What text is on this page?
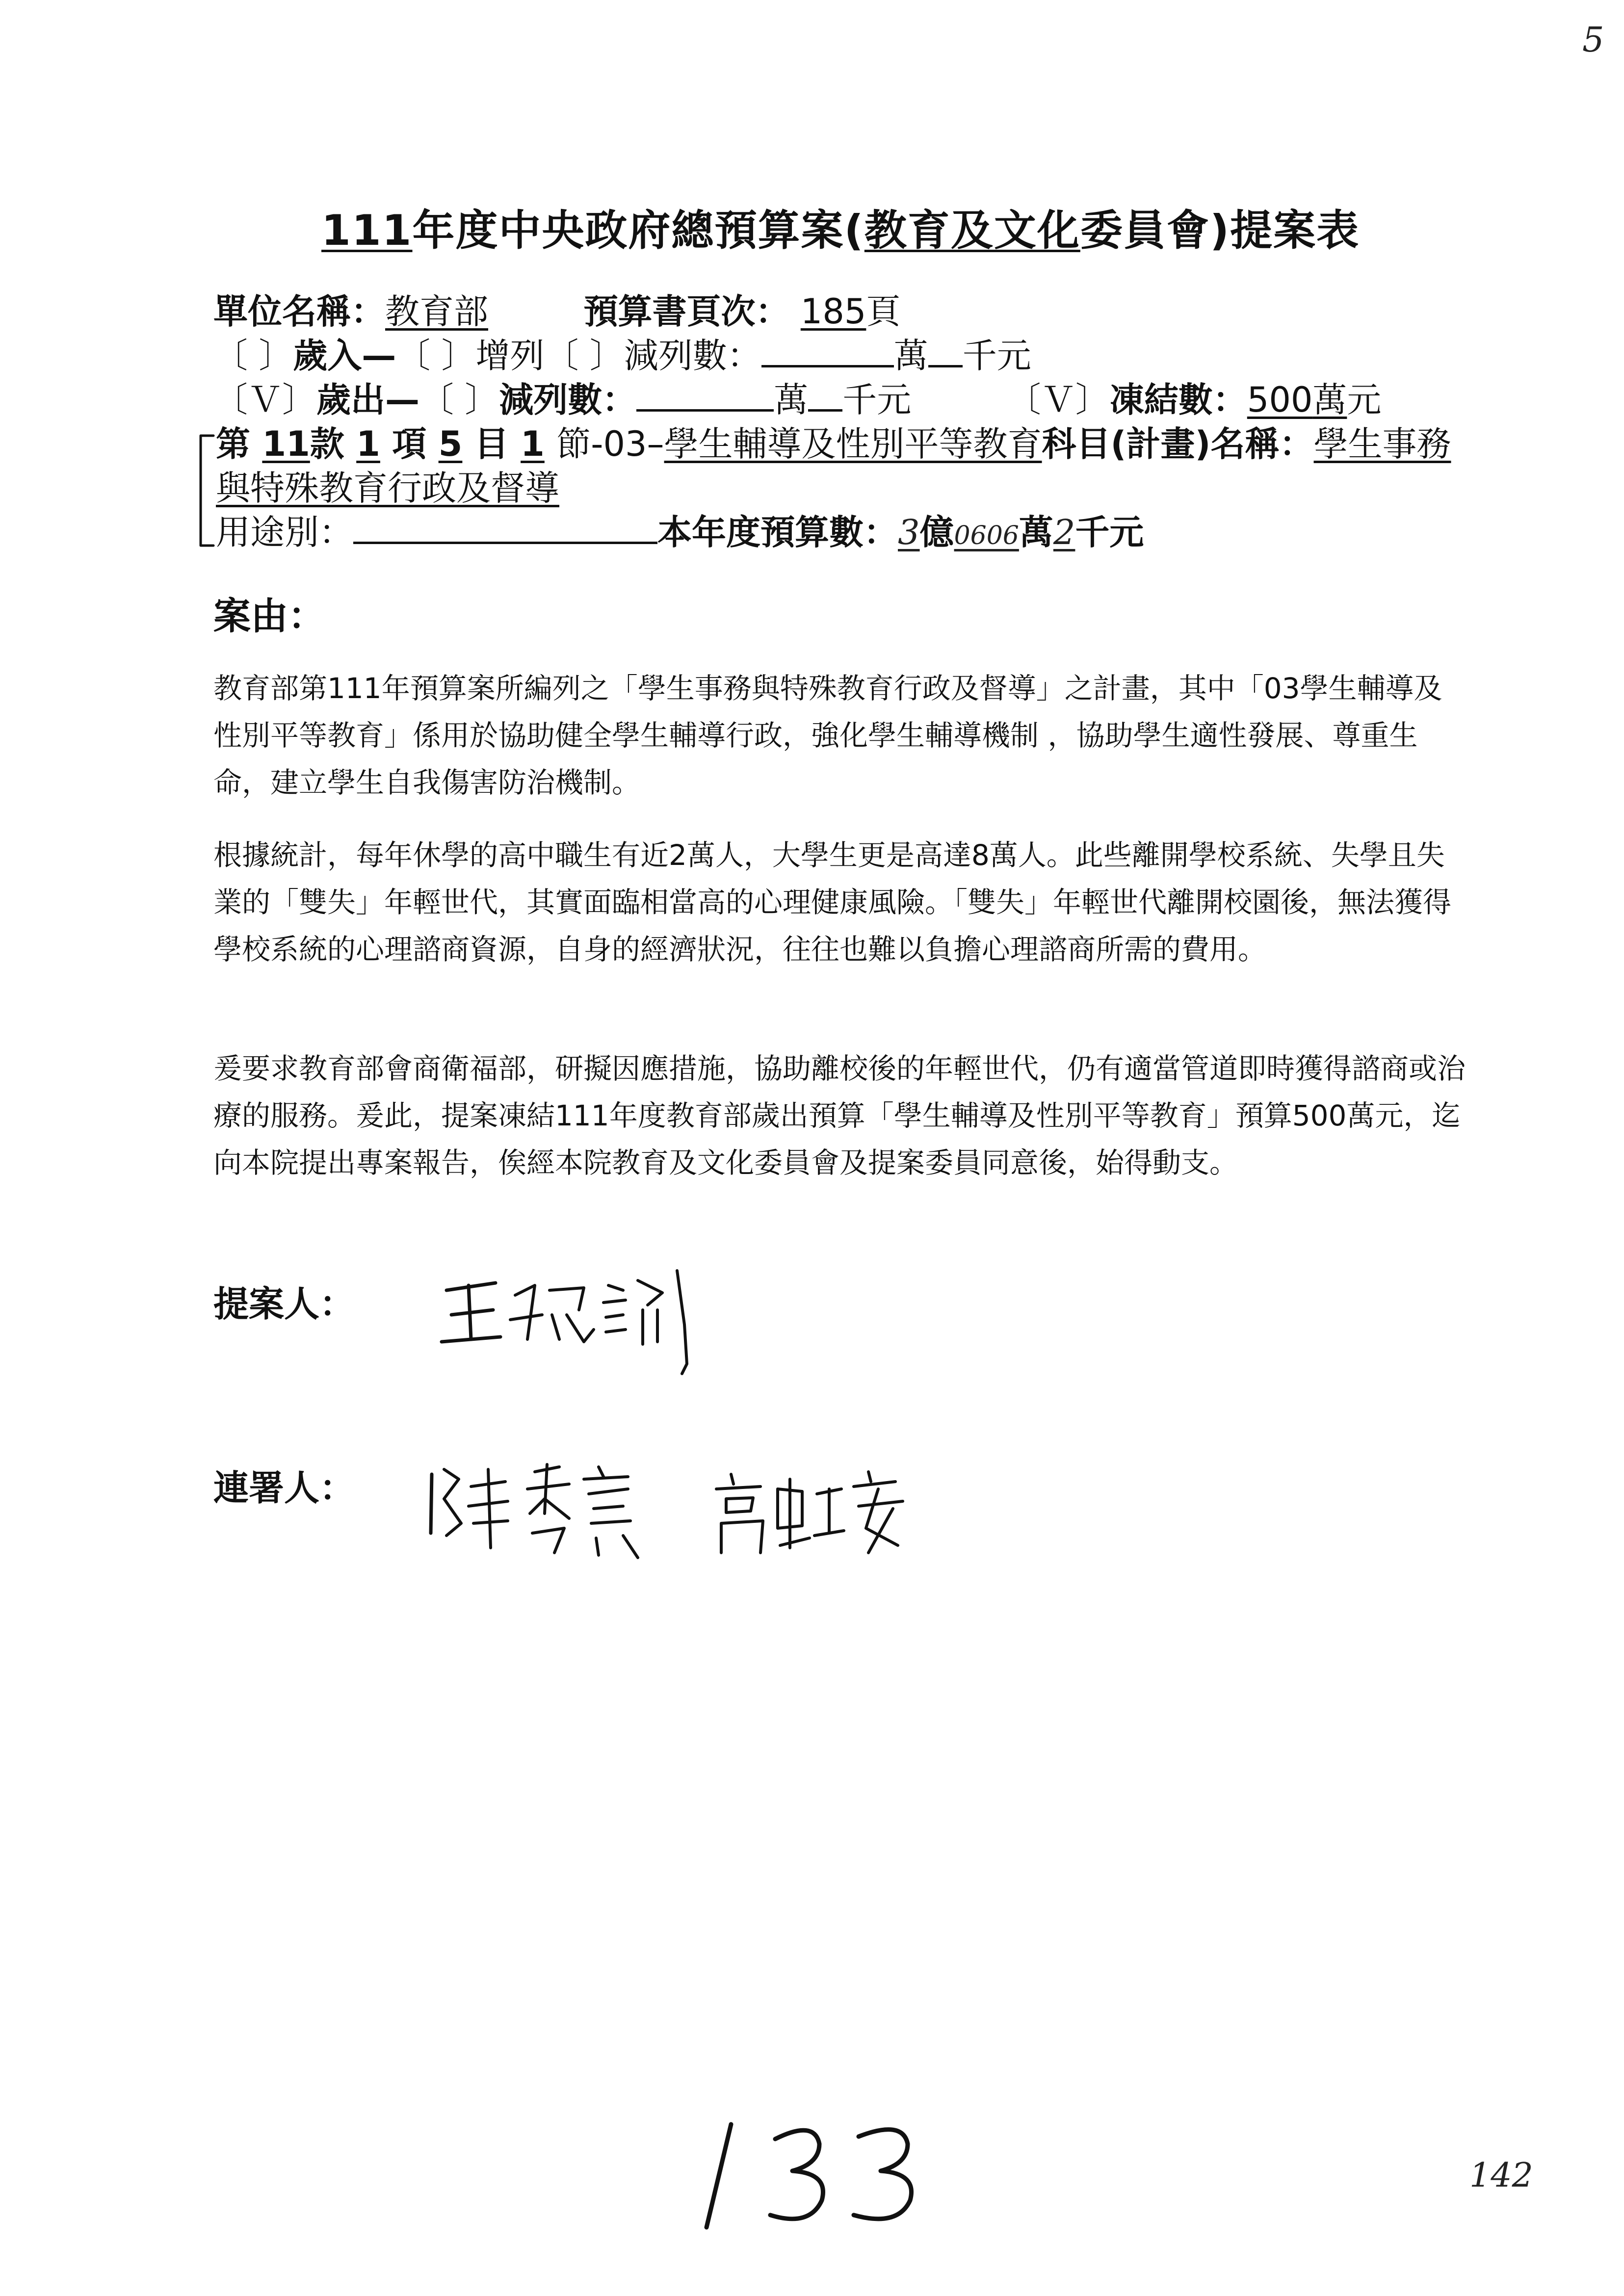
5
111年度中央政府總預算案(教育及文化委員會)提案表
單位名稱：教育部	預算書頁次： 185頁
〔 〕歲入—〔 〕增列〔 〕減列數：	萬 千元
〔Ｖ〕歲出—〔 〕減列數：	萬 千元	〔Ｖ〕凍結數：500萬元
第 11款 1 項 5 目 1 節-03–學生輔導及性別平等教育科目(計畫)名稱：學生事務
與特殊教育行政及督導
用途別：	本年度預算數：3億0606萬2千元
案由：
教育部第111年預算案所編列之「學生事務與特殊教育行政及督導」之計畫，其中「03學生輔導及性別平等教育」係用於協助健全學生輔導行政，強化學生輔導機制 ，協助學生適性發展、尊重生命，建立學生自我傷害防治機制。
根據統計，每年休學的高中職生有近2萬人，大學生更是高達8萬人。此些離開學校系統、失學且失業的「雙失」年輕世代，其實面臨相當高的心理健康風險。「雙失」年輕世代離開校園後，無法獲得學校系統的心理諮商資源，自身的經濟狀況，往往也難以負擔心理諮商所需的費用。
爰要求教育部會商衛福部，研擬因應措施，協助離校後的年輕世代，仍有適當管道即時獲得諮商或治療的服務。爰此，提案凍結111年度教育部歲出預算「學生輔導及性別平等教育」預算500萬元，迄向本院提出專案報告，俟經本院教育及文化委員會及提案委員同意後，始得動支。
提案人：
連署人：
133
142
